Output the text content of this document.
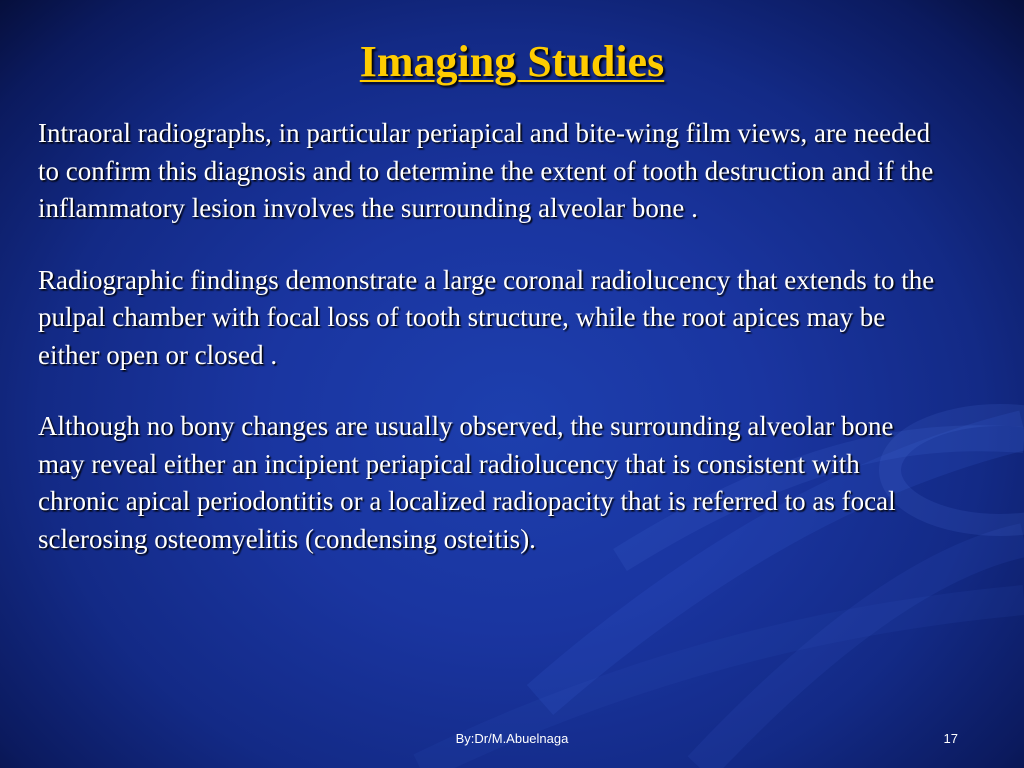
Imaging Studies

Intraoral radiographs, in particular periapical and bite-wing film views, are needed to confirm this diagnosis and to determine the extent of tooth destruction and if the inflammatory lesion involves the surrounding alveolar bone .

Radiographic findings demonstrate a large coronal radiolucency that extends to the pulpal chamber with focal loss of tooth structure, while the root apices may be either open or closed .

Although no bony changes are usually observed, the surrounding alveolar bone may reveal either an incipient periapical radiolucency that is consistent with chronic apical periodontitis or a localized radiopacity that is referred to as focal sclerosing osteomyelitis (condensing osteitis).

By:Dr/M.Abuelnaga	17
